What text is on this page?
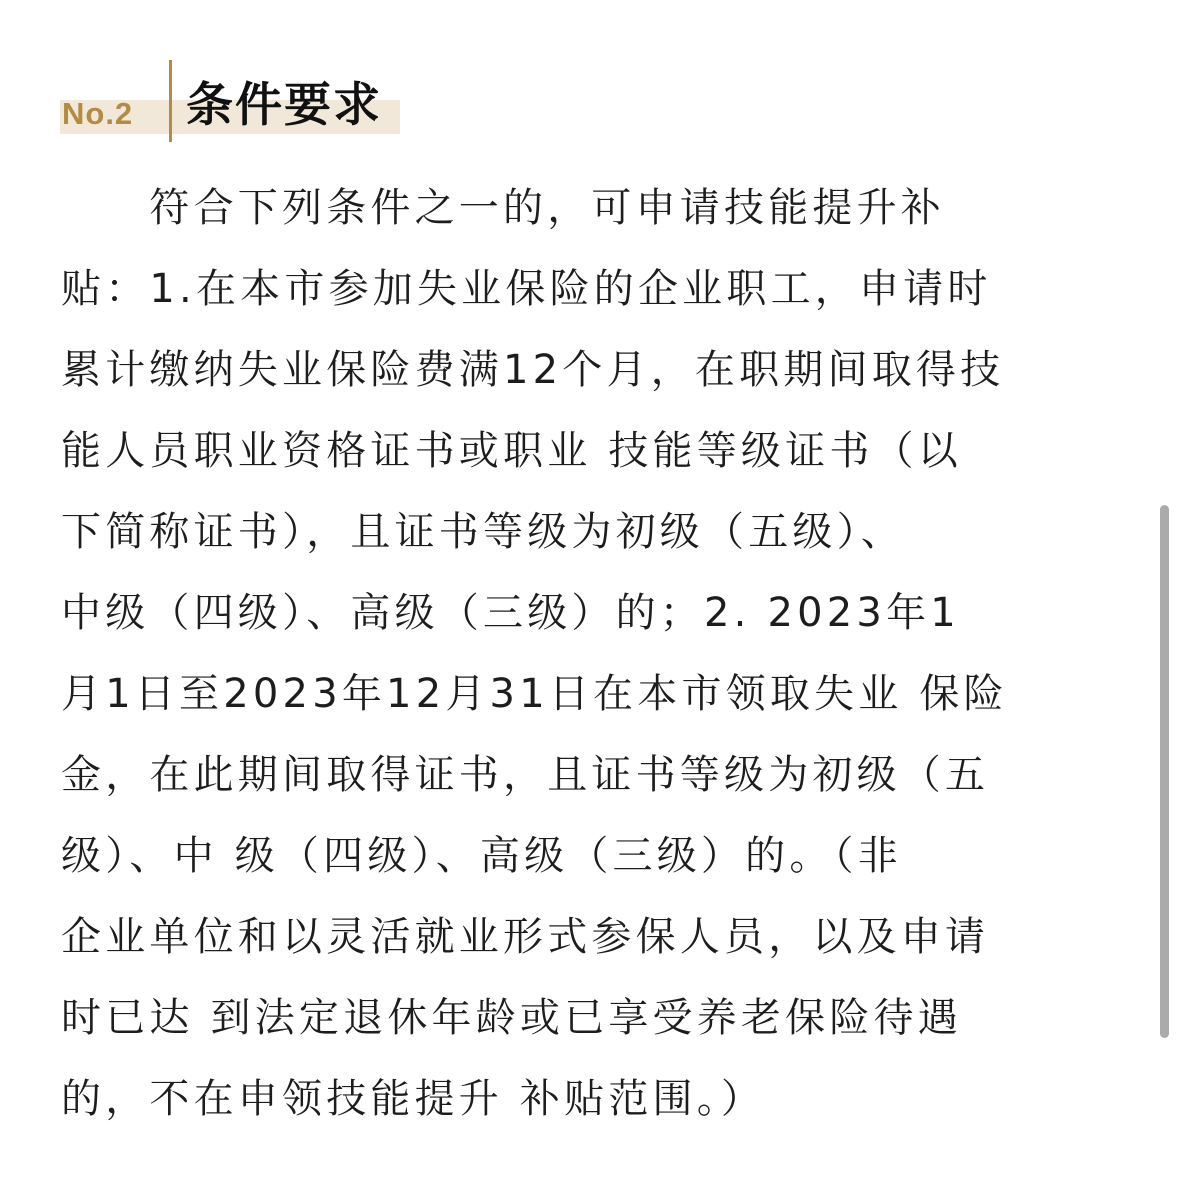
No.2 条件要求
　　符合下列条件之一的，可申请技能提升补
贴：1.在本市参加失业保险的企业职工，申请时
累计缴纳失业保险费满12个月，在职期间取得技
能人员职业资格证书或职业 技能等级证书（以
下简称证书），且证书等级为初级（五级）、
中级（四级）、高级（三级）的；2. 2023年1
月1日至2023年12月31日在本市领取失业 保险
金，在此期间取得证书，且证书等级为初级（五
级）、中 级（四级）、高级（三级）的。（非
企业单位和以灵活就业形式参保人员，以及申请
时已达 到法定退休年龄或已享受养老保险待遇
的，不在申领技能提升 补贴范围。）
